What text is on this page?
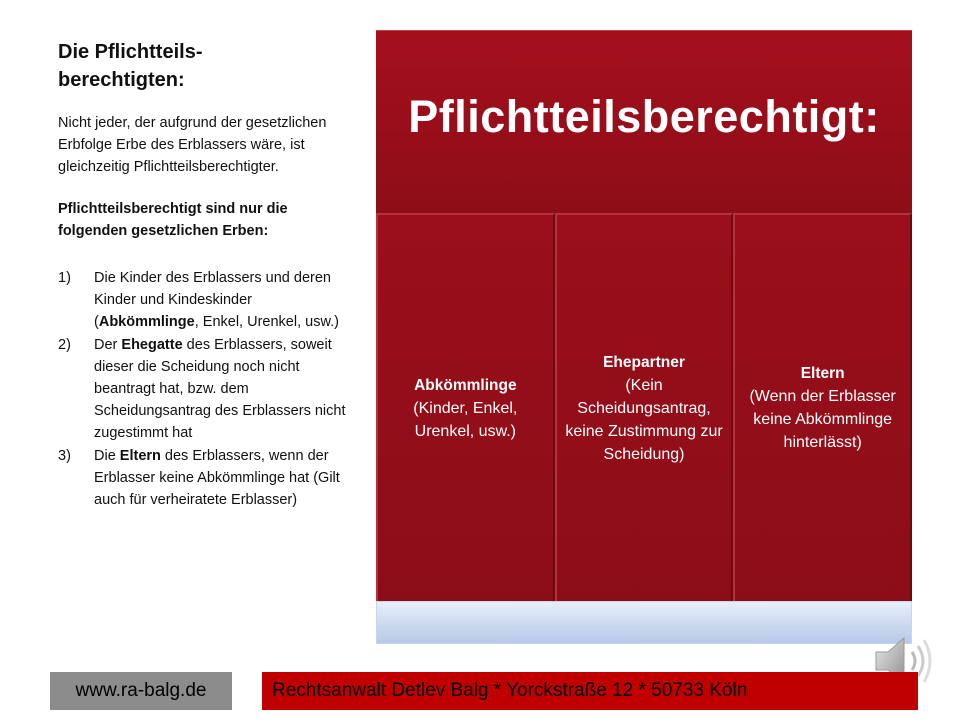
Die Pflichtteils-
berechtigten:

Nicht jeder, der aufgrund der gesetzlichen Erbfolge Erbe des Erblassers wäre, ist gleichzeitig Pflichtteilsberechtigter.

Pflichtteilsberechtigt sind nur die folgenden gesetzlichen Erben:

1)	Die Kinder des Erblassers und deren Kinder und Kindeskinder (Abkömmlinge, Enkel, Urenkel, usw.)
2)	Der Ehegatte des Erblassers, soweit dieser die Scheidung noch nicht beantragt hat, bzw. dem Scheidungsantrag des Erblassers nicht zugestimmt hat
3)	Die Eltern des Erblassers, wenn der Erblasser keine Abkömmlinge hat (Gilt auch für verheiratete Erblasser)
Pflichtteilsberechtigt:
Abkömmlinge
(Kinder, Enkel, Urenkel, usw.)
Ehepartner
(Kein Scheidungsantrag, keine Zustimmung zur Scheidung)
Eltern
(Wenn der Erblasser keine Abkömmlinge hinterlässt)
www.ra-balg.de	Rechtsanwalt Detlev Balg * Yorckstraße 12 * 50733 Köln
